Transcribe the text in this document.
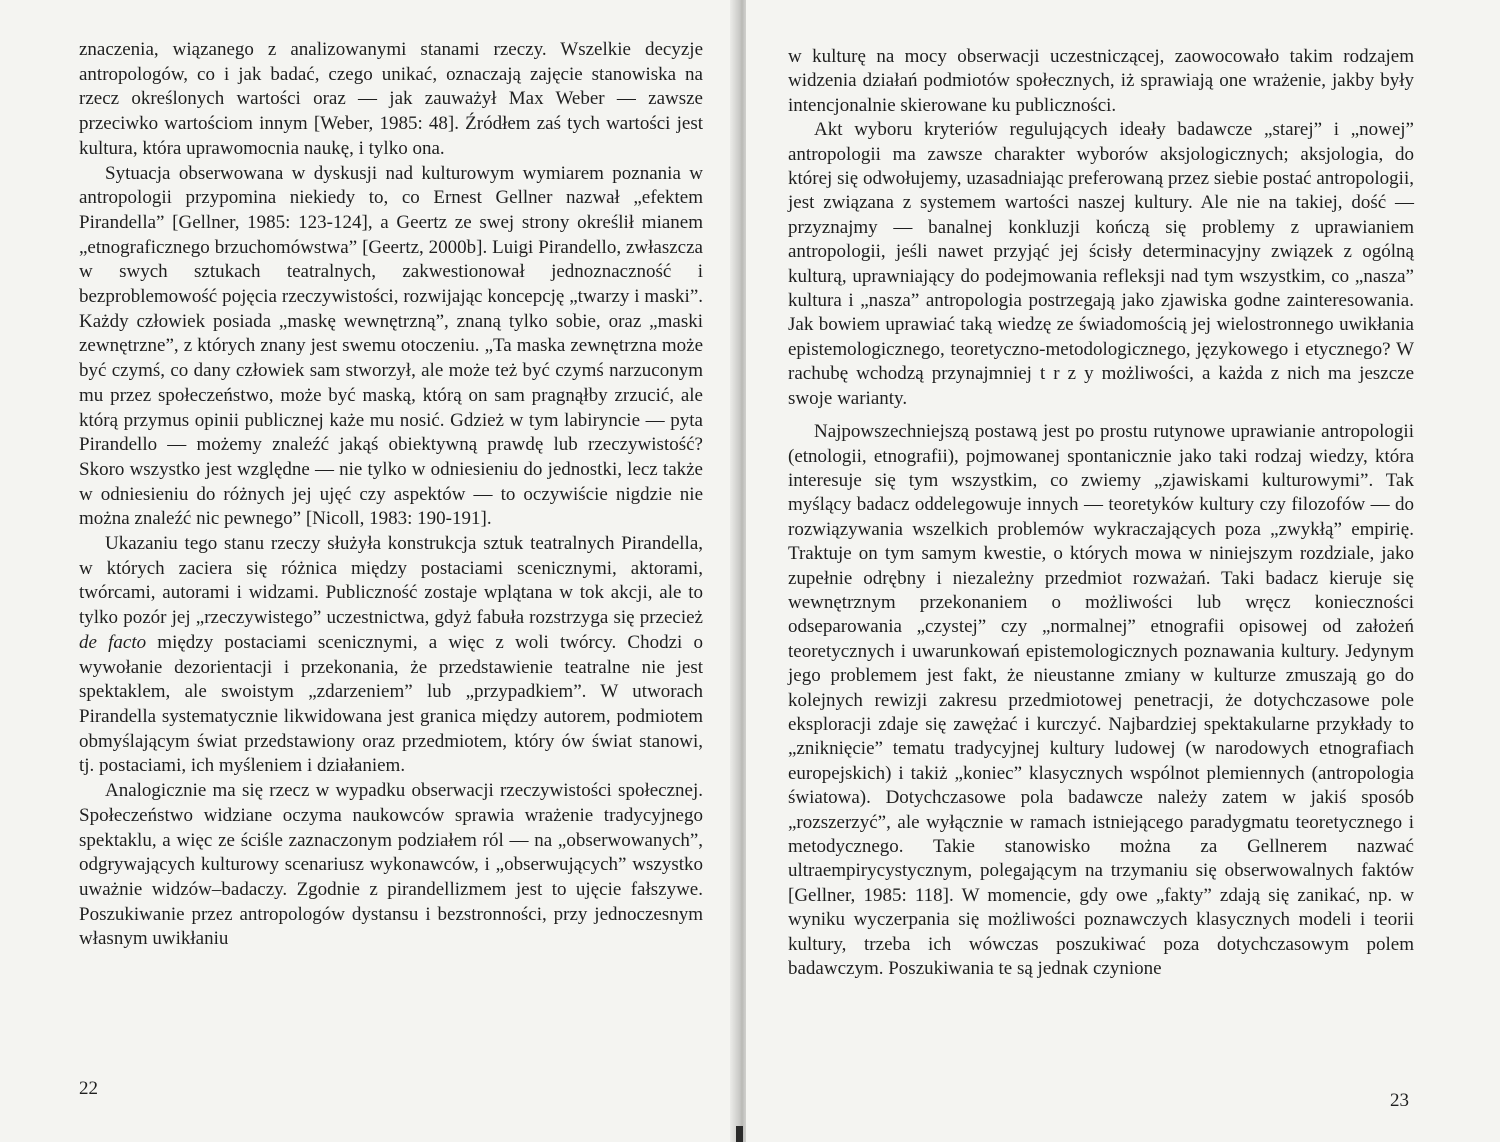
znaczenia, wiązanego z analizowanymi stanami rzeczy. Wszelkie decyzje antropologów, co i jak badać, czego unikać, oznaczają zajęcie stanowiska na rzecz określonych wartości oraz — jak zauważył Max Weber — zawsze przeciwko wartościom innym [Weber, 1985: 48]. Źródłem zaś tych wartości jest kultura, która uprawomocnia naukę, i tylko ona.

Sytuacja obserwowana w dyskusji nad kulturowym wymiarem poznania w antropologii przypomina niekiedy to, co Ernest Gellner nazwał „efektem Pirandella” [Gellner, 1985: 123-124], a Geertz ze swej strony określił mianem „etnograficznego brzuchomówstwa” [Geertz, 2000b]. Luigi Pirandello, zwłaszcza w swych sztukach teatralnych, zakwestionował jednoznaczność i bezproblemowość pojęcia rzeczywistości, rozwijając koncepcję „twarzy i maski”. Każdy człowiek posiada „maskę wewnętrzną”, znaną tylko sobie, oraz „maski zewnętrzne”, z których znany jest swemu otoczeniu. „Ta maska zewnętrzna może być czymś, co dany człowiek sam stworzył, ale może też być czymś narzuconym mu przez społeczeństwo, może być maską, którą on sam pragnąłby zrzucić, ale którą przymus opinii publicznej każe mu nosić. Gdzież w tym labiryncie — pyta Pirandello — możemy znaleźć jakąś obiektywną prawdę lub rzeczywistość? Skoro wszystko jest względne — nie tylko w odniesieniu do jednostki, lecz także w odniesieniu do różnych jej ujęć czy aspektów — to oczywiście nigdzie nie można znaleźć nic pewnego” [Nicoll, 1983: 190-191].

Ukazaniu tego stanu rzeczy służyła konstrukcja sztuk teatralnych Pirandella, w których zaciera się różnica między postaciami scenicznymi, aktorami, twórcami, autorami i widzami. Publiczność zostaje wplątana w tok akcji, ale to tylko pozór jej „rzeczywistego” uczestnictwa, gdyż fabuła rozstrzyga się przecież de facto między postaciami scenicznymi, a więc z woli twórcy. Chodzi o wywołanie dezorientacji i przekonania, że przedstawienie teatralne nie jest spektaklem, ale swoistym „zdarzeniem” lub „przypadkiem”. W utworach Pirandella systematycznie likwidowana jest granica między autorem, podmiotem obmyślającym świat przedstawiony oraz przedmiotem, który ów świat stanowi, tj. postaciami, ich myśleniem i działaniem.

Analogicznie ma się rzecz w wypadku obserwacji rzeczywistości społecznej. Społeczeństwo widziane oczyma naukowców sprawia wrażenie tradycyjnego spektaklu, a więc ze ściśle zaznaczonym podziałem ról — na „obserwowanych”, odgrywających kulturowy scenariusz wykonawców, i „obserwujących” wszystko uważnie widzów–badaczy. Zgodnie z pirandellizmem jest to ujęcie fałszywe. Poszukiwanie przez antropologów dystansu i bezstronności, przy jednoczesnym własnym uwikłaniu

22

w kulturę na mocy obserwacji uczestniczącej, zaowocowało takim rodzajem widzenia działań podmiotów społecznych, iż sprawiają one wrażenie, jakby były intencjonalnie skierowane ku publiczności.

Akt wyboru kryteriów regulujących ideały badawcze „starej” i „nowej” antropologii ma zawsze charakter wyborów aksjologicznych; aksjologia, do której się odwołujemy, uzasadniając preferowaną przez siebie postać antropologii, jest związana z systemem wartości naszej kultury. Ale nie na takiej, dość — przyznajmy — banalnej konkluzji kończą się problemy z uprawianiem antropologii, jeśli nawet przyjąć jej ścisły determinacyjny związek z ogólną kulturą, uprawniający do podejmowania refleksji nad tym wszystkim, co „nasza” kultura i „nasza” antropologia postrzegają jako zjawiska godne zainteresowania. Jak bowiem uprawiać taką wiedzę ze świadomością jej wielostronnego uwikłania epistemologicznego, teoretyczno-metodologicznego, językowego i etycznego? W rachubę wchodzą przynajmniej t r z y możliwości, a każda z nich ma jeszcze swoje warianty.

Najpowszechniejszą postawą jest po prostu rutynowe uprawianie antropologii (etnologii, etnografii), pojmowanej spontanicznie jako taki rodzaj wiedzy, która interesuje się tym wszystkim, co zwiemy „zjawiskami kulturowymi”. Tak myślący badacz oddelegowuje innych — teoretyków kultury czy filozofów — do rozwiązywania wszelkich problemów wykraczających poza „zwykłą” empirię. Traktuje on tym samym kwestie, o których mowa w niniejszym rozdziale, jako zupełnie odrębny i niezależny przedmiot rozważań. Taki badacz kieruje się wewnętrznym przekonaniem o możliwości lub wręcz konieczności odseparowania „czystej” czy „normalnej” etnografii opisowej od założeń teoretycznych i uwarunkowań epistemologicznych poznawania kultury. Jedynym jego problemem jest fakt, że nieustanne zmiany w kulturze zmuszają go do kolejnych rewizji zakresu przedmiotowej penetracji, że dotychczasowe pole eksploracji zdaje się zawężać i kurczyć. Najbardziej spektakularne przykłady to „zniknięcie” tematu tradycyjnej kultury ludowej (w narodowych etnografiach europejskich) i takiż „koniec” klasycznych wspólnot plemiennych (antropologia światowa). Dotychczasowe pola badawcze należy zatem w jakiś sposób „rozszerzyć”, ale wyłącznie w ramach istniejącego paradygmatu teoretycznego i metodycznego. Takie stanowisko można za Gellnerem nazwać ultraempirycystycznym, polegającym na trzymaniu się obserwowalnych faktów [Gellner, 1985: 118]. W momencie, gdy owe „fakty” zdają się zanikać, np. w wyniku wyczerpania się możliwości poznawczych klasycznych modeli i teorii kultury, trzeba ich wówczas poszukiwać poza dotychczasowym polem badawczym. Poszukiwania te są jednak czynione

23
